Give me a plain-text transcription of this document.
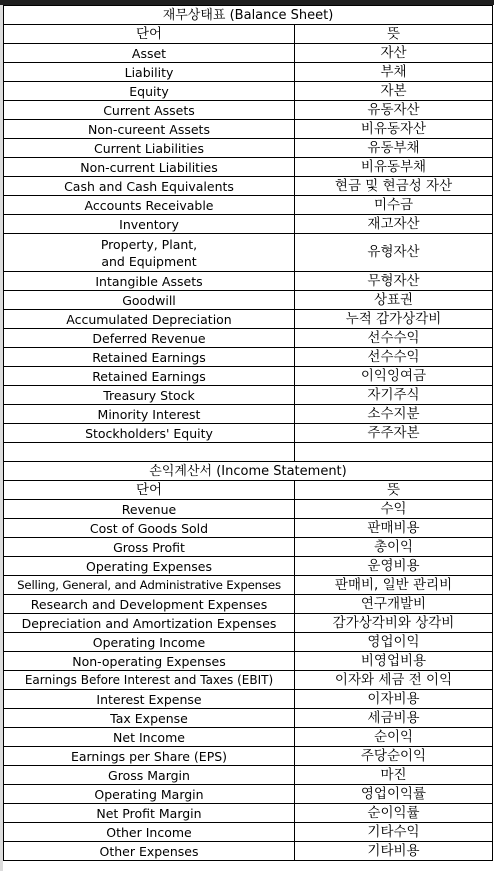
재무상태표 (Balance Sheet)	
단어	뜻
Asset	자산
Liability	부채
Equity	자본
Current Assets	유동자산
Non-cureent Assets	비유동자산
Current Liabilities	유동부채
Non-current Liabilities	비유동부채
Cash and Cash Equivalents	현금 및 현금성 자산
Accounts Receivable	미수금
Inventory	재고자산

Property, Plant,
and Equipment	유형자산
Intangible Assets	무형자산
Goodwill	상표권
Accumulated Depreciation	누적 감가상각비
Deferred Revenue	선수수익
Retained Earnings	선수수익
Retained Earnings	이익잉여금
Treasury Stock	자기주식
Minority Interest	소수지분
Stockholders' Equity	주주자본

손익계산서 (Income Statement)	
단어	뜻
Revenue	수익
Cost of Goods Sold	판매비용
Gross Profit	총이익
Operating Expenses	운영비용
Selling, General, and Administrative Expenses	판매비, 일반 관리비
Research and Development Expenses	연구개발비
Depreciation and Amortization Expenses	감가상각비와 상각비
Operating Income	영업이익
Non-operating Expenses	비영업비용
Earnings Before Interest and Taxes (EBIT)	이자와 세금 전 이익
Interest Expense	이자비용
Tax Expense	세금비용
Net Income	순이익
Earnings per Share (EPS)	주당순이익
Gross Margin	마진
Operating Margin	영업이익률
Net Profit Margin	순이익률
Other Income	기타수익
Other Expenses	기타비용
